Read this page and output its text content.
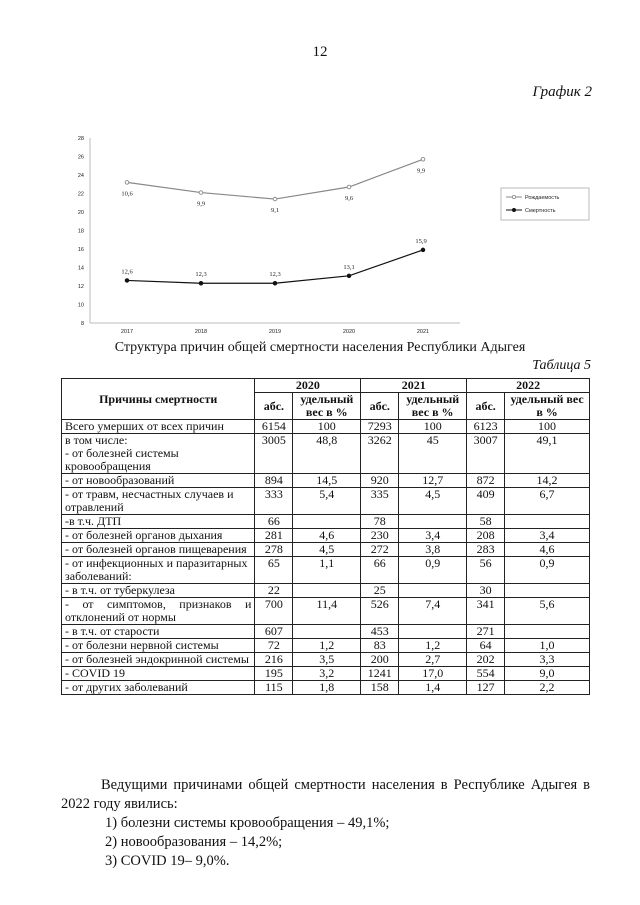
12
График 2
8
10
12
14
16
18
20
22
24
26
28
2017	2018	2019	2020	2021
10,6
9,9
9,1
9,6
9,9
12,6	12,3	12,3
13,1
15,9
Рождаемость
Смертность
Структура причин общей смертности населения Республики Адыгея
Таблица 5
Причины смертности	2020		2021		2022	
	абс.	удельный вес в %	абс.	удельный вес в %	абс.	удельный вес в %
Всего умерших от всех причин	6154	100	7293	100	6123	100
в том числе:
- от болезней системы кровообращения	3005	48,8	3262	45	3007	49,1
- от новообразований	894	14,5	920	12,7	872	14,2
- от травм, несчастных случаев и отравлений	333	5,4	335	4,5	409	6,7
-в т.ч. ДТП	66		78		58	
- от болезней органов дыхания	281	4,6	230	3,4	208	3,4
- от болезней органов пищеварения	278	4,5	272	3,8	283	4,6
- от инфекционных и паразитарных заболеваний:	65	1,1	66	0,9	56	0,9
- в т.ч. от туберкулеза	22		25		30	
- от симптомов, признаков и отклонений от нормы	700	11,4	526	7,4	341	5,6
- в т.ч. от старости	607		453		271	
- от болезни нервной системы	72	1,2	83	1,2	64	1,0
- от болезней эндокринной системы	216	3,5	200	2,7	202	3,3
- COVID 19	195	3,2	1241	17,0	554	9,0
- от других заболеваний	115	1,8	158	1,4	127	2,2

Ведущими причинами общей смертности населения в Республике Адыгея в 2022 году явились:

1) болезни системы кровообращения – 49,1%;
2) новообразования – 14,2%;
3) COVID 19– 9,0%.
